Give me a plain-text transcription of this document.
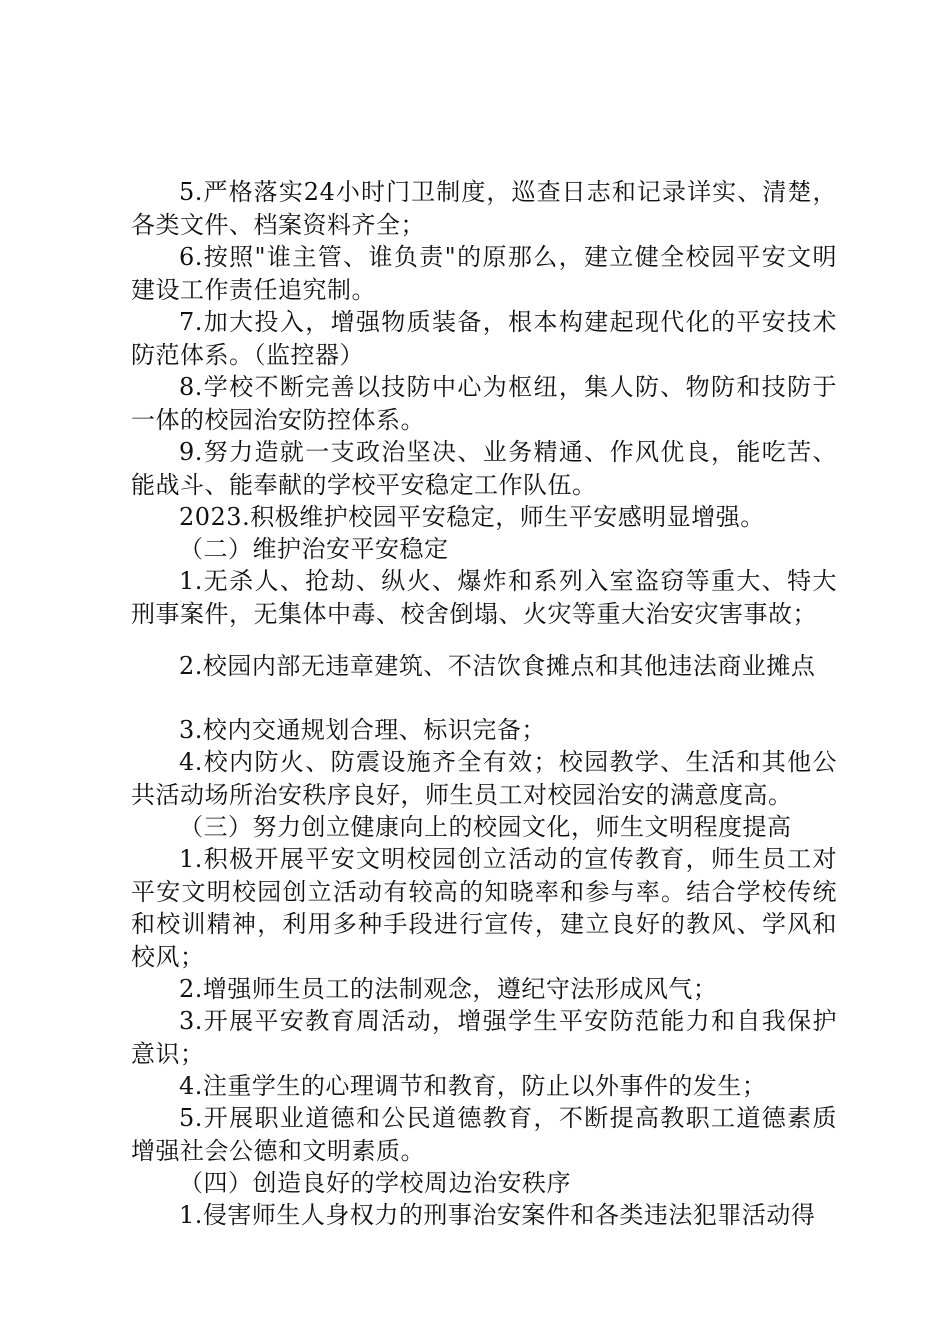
5.严格落实24小时门卫制度，巡查日志和记录详实、清楚，各类文件、档案资料齐全；

6.按照"谁主管、谁负责"的原那么，建立健全校园平安文明建设工作责任追究制。

7.加大投入，增强物质装备，根本构建起现代化的平安技术防范体系。（监控器）

8.学校不断完善以技防中心为枢纽，集人防、物防和技防于一体的校园治安防控体系。

9.努力造就一支政治坚决、业务精通、作风优良，能吃苦、能战斗、能奉献的学校平安稳定工作队伍。

2023.积极维护校园平安稳定，师生平安感明显增强。

（二）维护治安平安稳定

1.无杀人、抢劫、纵火、爆炸和系列入室盗窃等重大、特大刑事案件，无集体中毒、校舍倒塌、火灾等重大治安灾害事故；

2.校园内部无违章建筑、不洁饮食摊点和其他违法商业摊点

3.校内交通规划合理、标识完备；

4.校内防火、防震设施齐全有效；校园教学、生活和其他公共活动场所治安秩序良好，师生员工对校园治安的满意度高。

（三）努力创立健康向上的校园文化，师生文明程度提高

1.积极开展平安文明校园创立活动的宣传教育，师生员工对平安文明校园创立活动有较高的知晓率和参与率。结合学校传统和校训精神，利用多种手段进行宣传，建立良好的教风、学风和校风；

2.增强师生员工的法制观念，遵纪守法形成风气；

3.开展平安教育周活动，增强学生平安防范能力和自我保护意识；

4.注重学生的心理调节和教育，防止以外事件的发生；

5.开展职业道德和公民道德教育，不断提高教职工道德素质增强社会公德和文明素质。

（四）创造良好的学校周边治安秩序

1.侵害师生人身权力的刑事治安案件和各类违法犯罪活动得
